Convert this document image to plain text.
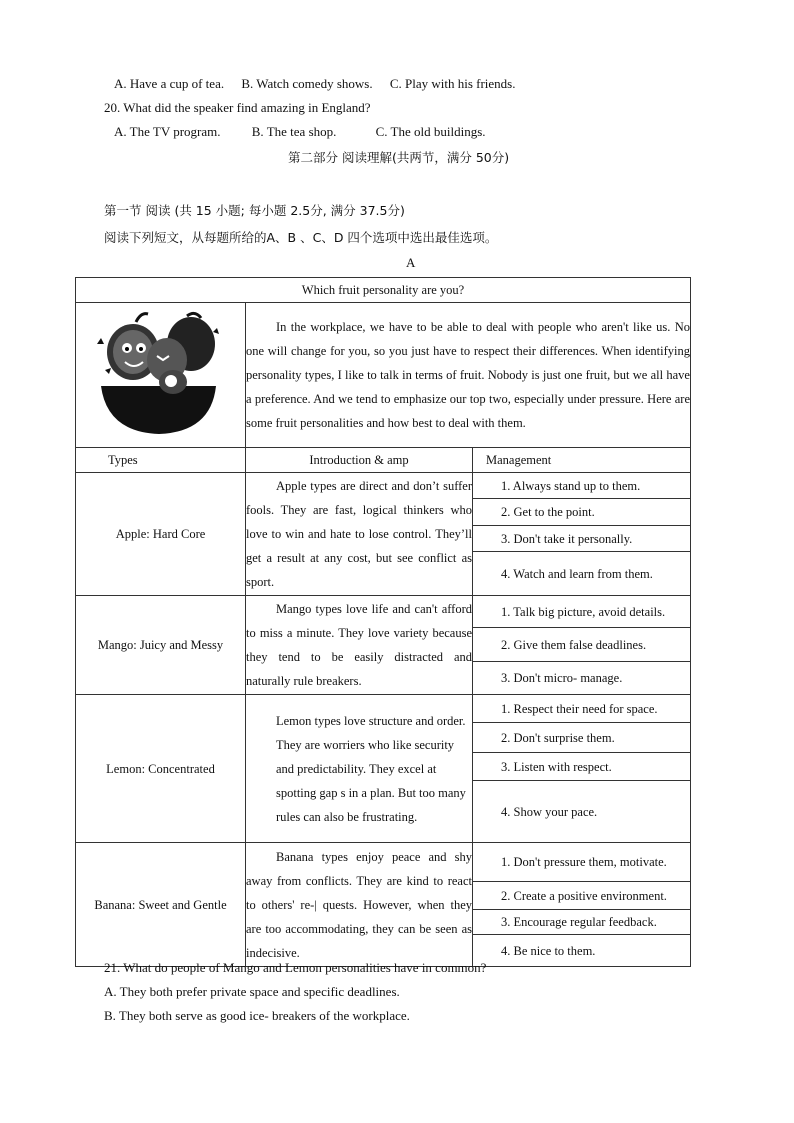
A. Have a cup of tea. B. Watch comedy shows. C. Play with his friends.
20. What did the speaker find amazing in England?
A. The TV program. B. The tea shop.	C. The old buildings.
第二部分 阅读理解(共两节，满分 50分)
第一节 阅读 (共 15 小题; 每小题 2.5分, 满分 37.5分)
阅读下列短文，从每题所给的A、B 、C、D 四个选项中选出最佳选项。
A
Which fruit personality are you?		
	In the workplace, we have to be able to deal with people who aren't like us. No one will change for you, so you just have to respect their differences. When identifying personality types, I like to talk in terms of fruit. Nobody is just one fruit, but we all have a preference. And we tend to emphasize our top two, especially under pressure. Here are some fruit personalities and how best to deal with them.	
Types	Introduction & amp	Management
Apple: Hard Core	Apple types are direct and don’t suffer fools. They are fast, logical thinkers who love to win and hate to lose control. They’ll get a result at any cost, but see conflict as sport.	1. Always stand up to them.
2. Get to the point.
3. Don't take it personally.
4. Watch and learn from them.

Mango: Juicy and Messy	Mango types love life and can't afford to miss a minute. They love variety because they tend to be easily distracted and naturally rule breakers.	1. Talk big picture, avoid details.
2. Give them false deadlines.
3. Don't micro- manage.

Lemon: Concentrated	Lemon types love structure and order. They are worriers who like security and predictability. They excel at spotting gap s in a plan. But too many rules can also be frustrating.	1. Respect their need for space.
2. Don't surprise them.
3. Listen with respect.
4. Show your pace.

Banana: Sweet and Gentle	Banana types enjoy peace and shy away from conflicts. They are kind to react to others' re-| quests. However, when they are too accommodating, they can be seen as indecisive.	1. Don't pressure them, motivate.
2. Create a positive environment.
3. Encourage regular feedback.
4. Be nice to them.
21. What do people of Mango and Lemon personalities have in common?
A. They both prefer private space and specific deadlines.
B. They both serve as good ice- breakers of the workplace.
